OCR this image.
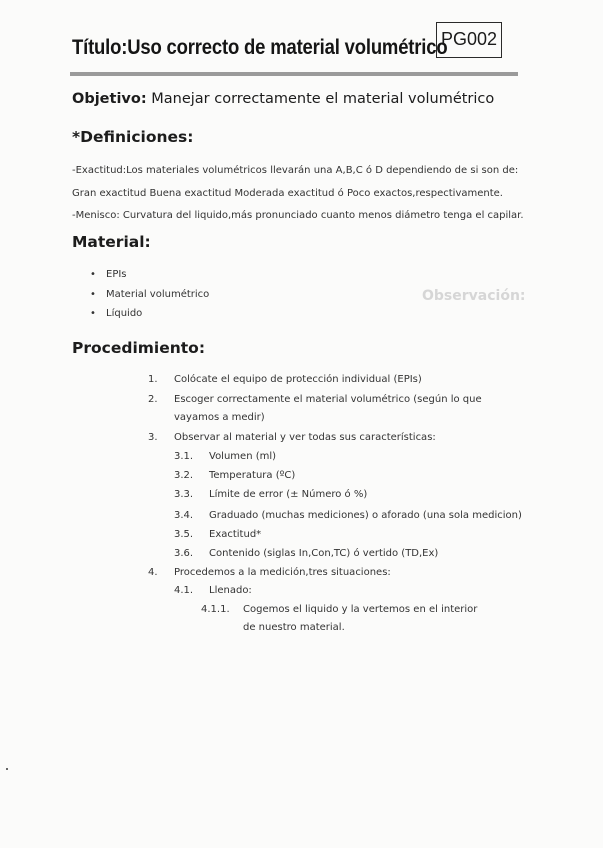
Observación:
Título:Uso correcto de material volumétrico
PG002
Objetivo: Manejar correctamente el material volumétrico
*Definiciones:
-Exactitud:Los materiales volumétricos llevarán una A,B,C ó D dependiendo de si son de:
Gran exactitud Buena exactitud Moderada exactitud ó Poco exactos,respectivamente.
-Menisco: Curvatura del liquido,más pronunciado cuanto menos diámetro tenga el capilar.
Material:
• EPIs
• Material volumétrico
• Líquido
Procedimiento:
1. Colócate el equipo de protección individual (EPIs)
2. Escoger correctamente el material volumétrico (según lo que vayamos a medir)
3. Observar al material y ver todas sus características:
3.1. Volumen (ml)
3.2. Temperatura (ºC)
3.3. Límite de error (± Número ó %)
3.4. Graduado (muchas mediciones) o aforado (una sola medicion)
3.5. Exactitud*
3.6. Contenido (siglas In,Con,TC) ó vertido (TD,Ex)
4. Procedemos a la medición,tres situaciones:
4.1. Llenado:
4.1.1. Cogemos el liquido y la vertemos en el interior de nuestro material.
